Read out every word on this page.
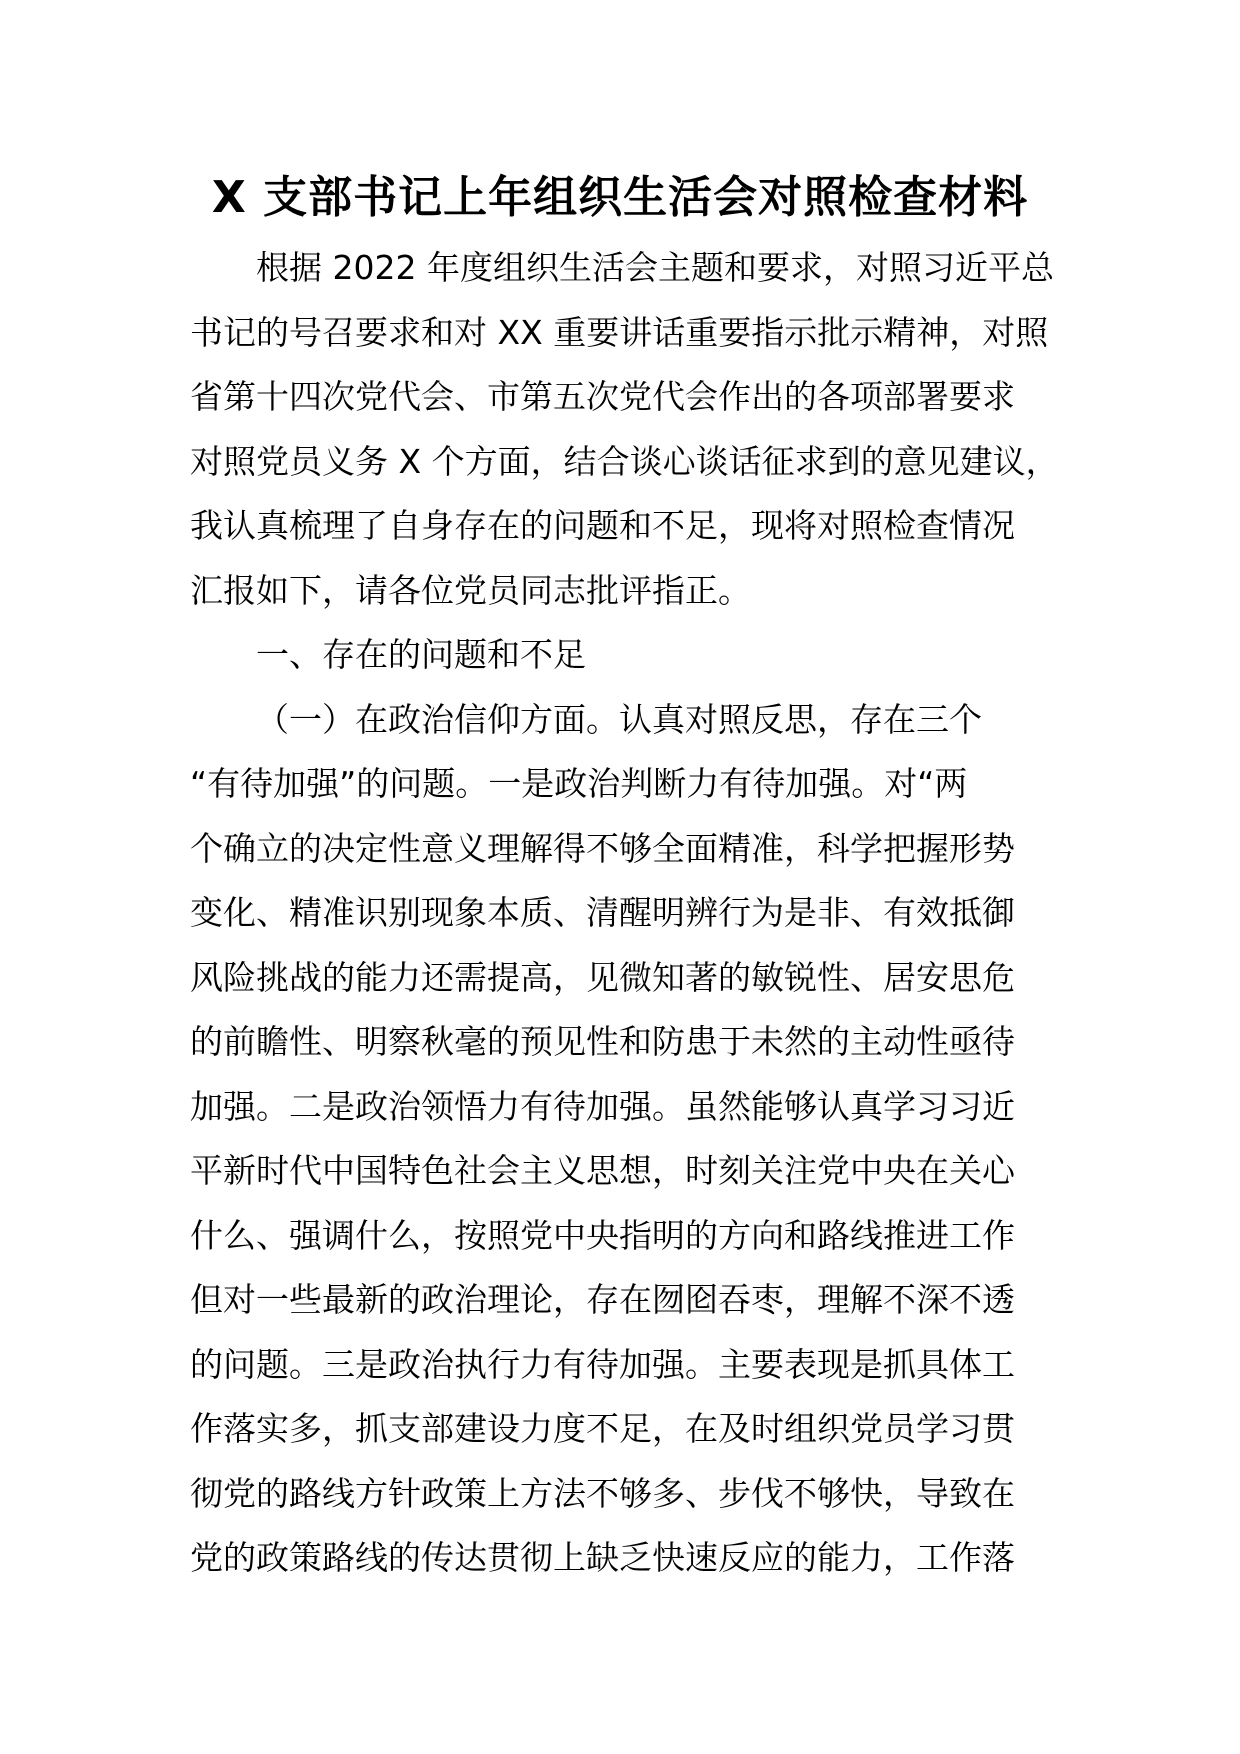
X 支部书记上年组织生活会对照检查材料
根据 2022 年度组织生活会主题和要求，对照习近平总
书记的号召要求和对 XX 重要讲话重要指示批示精神，对照
省第十四次党代会、市第五次党代会作出的各项部署要求
对照党员义务 X 个方面，结合谈心谈话征求到的意见建议，
我认真梳理了自身存在的问题和不足，现将对照检查情况
汇报如下，请各位党员同志批评指正。
一、存在的问题和不足
（一）在政治信仰方面。认真对照反思，存在三个
“有待加强”的问题。一是政治判断力有待加强。对“两
个确立的决定性意义理解得不够全面精准，科学把握形势
变化、精准识别现象本质、清醒明辨行为是非、有效抵御
风险挑战的能力还需提高，见微知著的敏锐性、居安思危
的前瞻性、明察秋毫的预见性和防患于未然的主动性亟待
加强。二是政治领悟力有待加强。虽然能够认真学习习近
平新时代中国特色社会主义思想，时刻关注党中央在关心
什么、强调什么，按照党中央指明的方向和路线推进工作
但对一些最新的政治理论，存在囫囵吞枣，理解不深不透
的问题。三是政治执行力有待加强。主要表现是抓具体工
作落实多，抓支部建设力度不足，在及时组织党员学习贯
彻党的路线方针政策上方法不够多、步伐不够快，导致在
党的政策路线的传达贯彻上缺乏快速反应的能力，工作落
